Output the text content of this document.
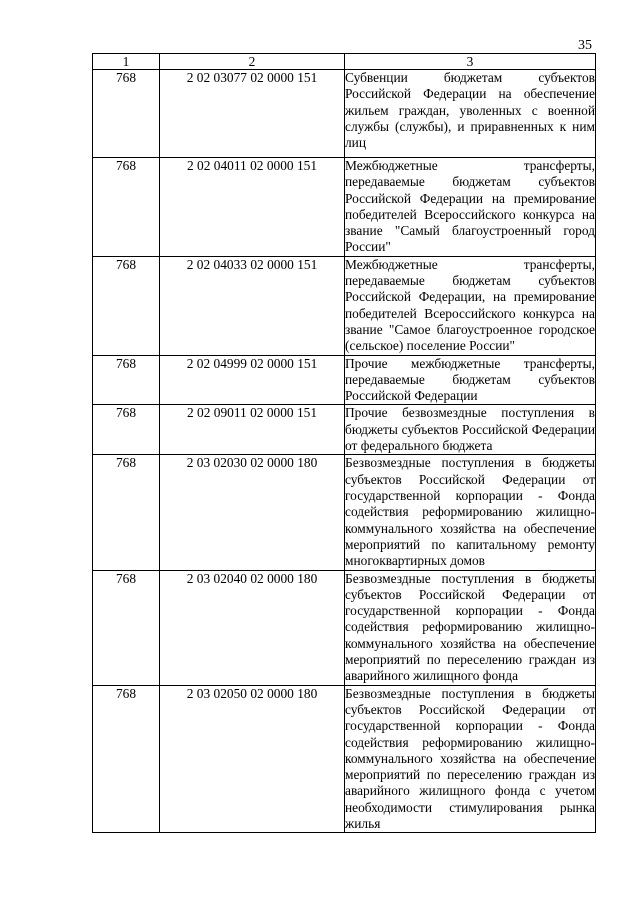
35
1	2	3
768	2 02 03077 02 0000 151	Субвенции бюджетам субъектов Российской Федерации на обеспечение жильем граждан, уволенных с военной службы (службы), и приравненных к ним лиц
768	2 02 04011 02 0000 151	Межбюджетные трансферты, передаваемые бюджетам субъектов Российской Федерации на премирование победителей Всероссийского конкурса на звание "Самый благоустроенный город России"
768	2 02 04033 02 0000 151	Межбюджетные трансферты, передаваемые бюджетам субъектов Российской Федерации, на премирование победителей Всероссийского конкурса на звание "Самое благоустроенное городское (сельское) поселение России"
768	2 02 04999 02 0000 151	Прочие межбюджетные трансферты, передаваемые бюджетам субъектов Российской Федерации
768	2 02 09011 02 0000 151	Прочие безвозмездные поступления в бюджеты субъектов Российской Федерации от федерального бюджета
768	2 03 02030 02 0000 180	Безвозмездные поступления в бюджеты субъектов Российской Федерации от государственной корпорации - Фонда содействия реформированию жилищно-коммунального хозяйства на обеспечение мероприятий по капитальному ремонту многоквартирных домов
768	2 03 02040 02 0000 180	Безвозмездные поступления в бюджеты субъектов Российской Федерации от государственной корпорации - Фонда содействия реформированию жилищно-коммунального хозяйства на обеспечение мероприятий по переселению граждан из аварийного жилищного фонда
768	2 03 02050 02 0000 180	Безвозмездные поступления в бюджеты субъектов Российской Федерации от государственной корпорации - Фонда содействия реформированию жилищно-коммунального хозяйства на обеспечение мероприятий по переселению граждан из аварийного жилищного фонда с учетом необходимости стимулирования рынка жилья
